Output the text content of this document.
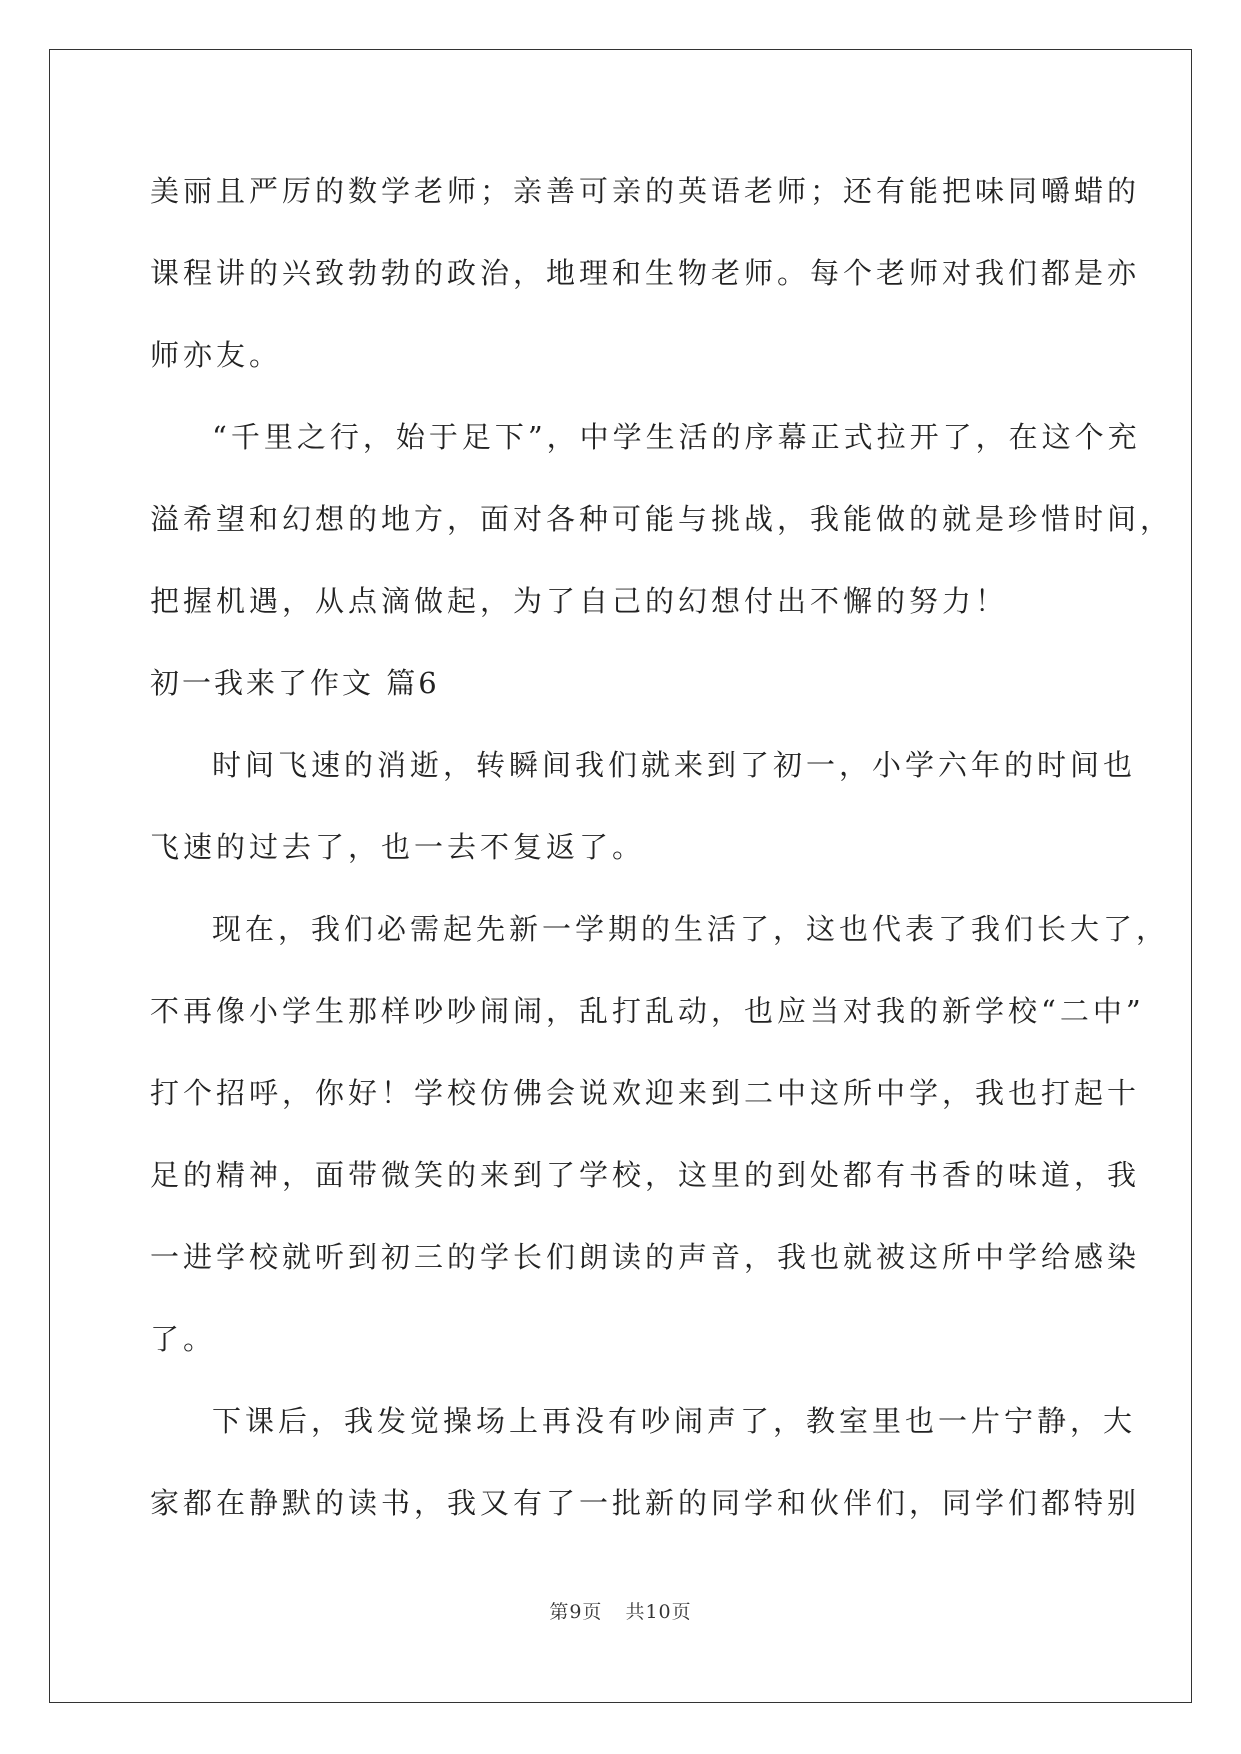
美丽且严厉的数学老师；亲善可亲的英语老师；还有能把味同嚼蜡的
课程讲的兴致勃勃的政治，地理和生物老师。每个老师对我们都是亦
师亦友。
“千里之行，始于足下”，中学生活的序幕正式拉开了，在这个充
溢希望和幻想的地方，面对各种可能与挑战，我能做的就是珍惜时间，
把握机遇，从点滴做起，为了自己的幻想付出不懈的努力！
初一我来了作文 篇6
时间飞速的消逝，转瞬间我们就来到了初一，小学六年的时间也
飞速的过去了，也一去不复返了。
现在，我们必需起先新一学期的生活了，这也代表了我们长大了，
不再像小学生那样吵吵闹闹，乱打乱动，也应当对我的新学校“二中”
打个招呼，你好！学校仿佛会说欢迎来到二中这所中学，我也打起十
足的精神，面带微笑的来到了学校，这里的到处都有书香的味道，我
一进学校就听到初三的学长们朗读的声音，我也就被这所中学给感染
了。
下课后，我发觉操场上再没有吵闹声了，教室里也一片宁静，大
家都在静默的读书，我又有了一批新的同学和伙伴们，同学们都特别
第9页 共10页
